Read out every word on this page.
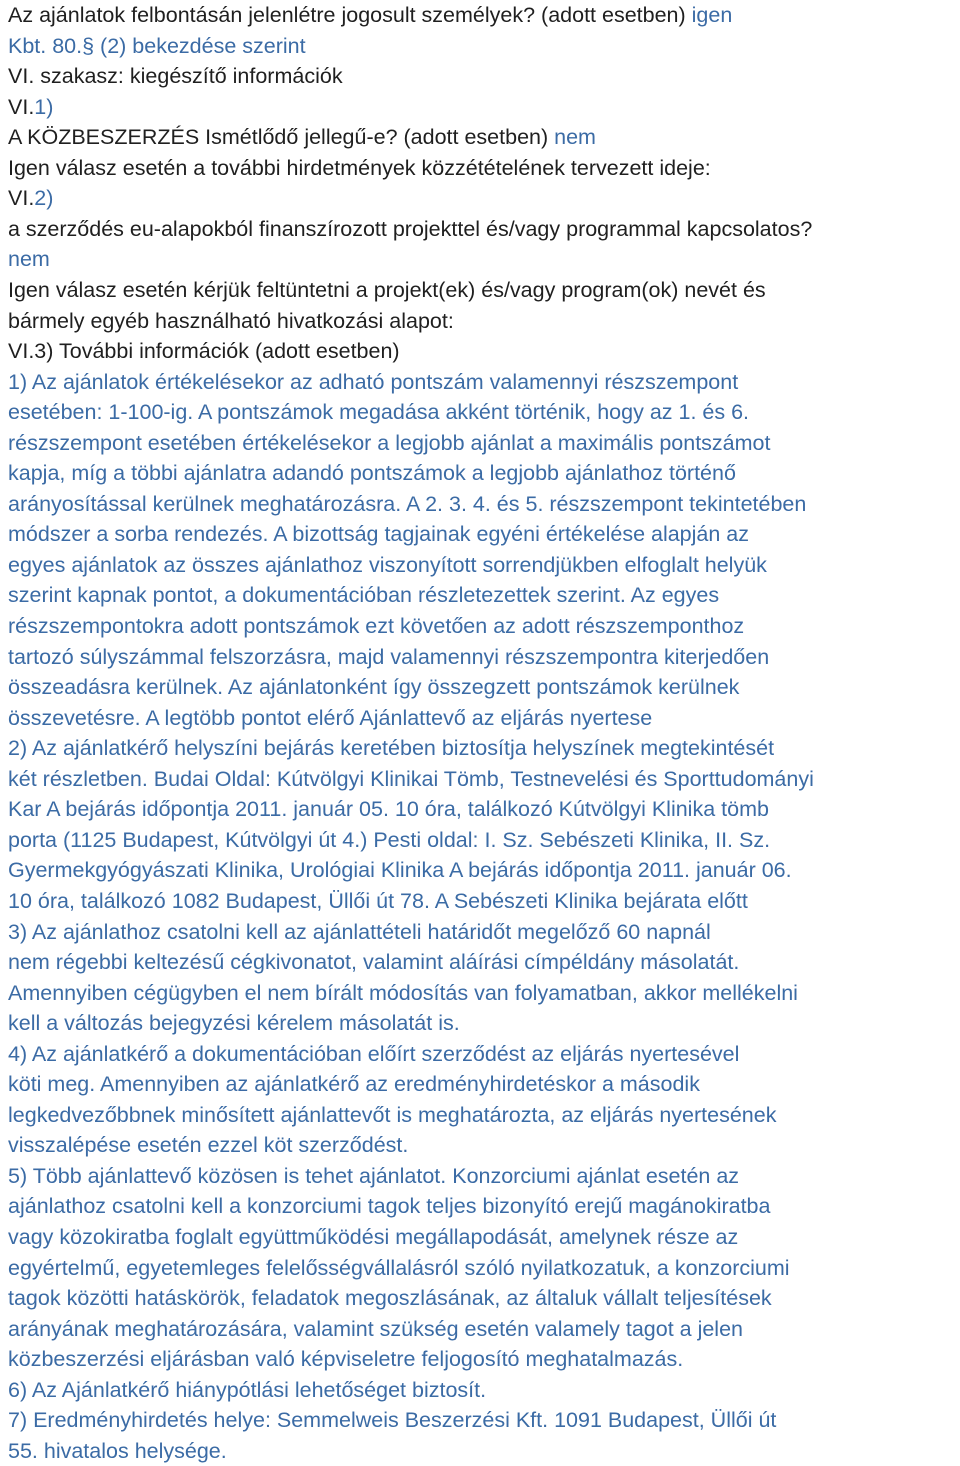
Az ajánlatok felbontásán jelenlétre jogosult személyek? (adott esetben) igen
Kbt. 80.§ (2) bekezdése szerint
VI. szakasz: kiegészítő információk
VI.1)
A KÖZBESZERZÉS Ismétlődő jellegű-e? (adott esetben) nem
Igen válasz esetén a további hirdetmények közzétételének tervezett ideje:
VI.2)
a szerződés eu-alapokból finanszírozott projekttel és/vagy programmal kapcsolatos?
nem
Igen válasz esetén kérjük feltüntetni a projekt(ek) és/vagy program(ok) nevét és
bármely egyéb használható hivatkozási alapot:
VI.3) További információk (adott esetben)
1) Az ajánlatok értékelésekor az adható pontszám valamennyi részszempont
esetében: 1-100-ig. A pontszámok megadása akként történik, hogy az 1. és 6.
részszempont esetében értékelésekor a legjobb ajánlat a maximális pontszámot
kapja, míg a többi ajánlatra adandó pontszámok a legjobb ajánlathoz történő
arányosítással kerülnek meghatározásra. A 2. 3. 4. és 5. részszempont tekintetében
módszer a sorba rendezés. A bizottság tagjainak egyéni értékelése alapján az
egyes ajánlatok az összes ajánlathoz viszonyított sorrendjükben elfoglalt helyük
szerint kapnak pontot, a dokumentációban részletezettek szerint. Az egyes
részszempontokra adott pontszámok ezt követően az adott részszemponthoz
tartozó súlyszámmal felszorzásra, majd valamennyi részszempontra kiterjedően
összeadásra kerülnek. Az ajánlatonként így összegzett pontszámok kerülnek
összevetésre. A legtöbb pontot elérő Ajánlattevő az eljárás nyertese
2) Az ajánlatkérő helyszíni bejárás keretében biztosítja helyszínek megtekintését
két részletben. Budai Oldal: Kútvölgyi Klinikai Tömb, Testnevelési és Sporttudományi
Kar A bejárás időpontja 2011. január 05. 10 óra, találkozó Kútvölgyi Klinika tömb
porta (1125 Budapest, Kútvölgyi út 4.) Pesti oldal: I. Sz. Sebészeti Klinika, II. Sz.
Gyermekgyógyászati Klinika, Urológiai Klinika A bejárás időpontja 2011. január 06.
10 óra, találkozó 1082 Budapest, Üllői út 78. A Sebészeti Klinika bejárata előtt
3) Az ajánlathoz csatolni kell az ajánlattételi határidőt megelőző 60 napnál
nem régebbi keltezésű cégkivonatot, valamint aláírási címpéldány másolatát.
Amennyiben cégügyben el nem bírált módosítás van folyamatban, akkor mellékelni
kell a változás bejegyzési kérelem másolatát is.
4) Az ajánlatkérő a dokumentációban előírt szerződést az eljárás nyertesével
köti meg. Amennyiben az ajánlatkérő az eredményhirdetéskor a második
legkedvezőbbnek minősített ajánlattevőt is meghatározta, az eljárás nyertesének
visszalépése esetén ezzel köt szerződést.
5) Több ajánlattevő közösen is tehet ajánlatot. Konzorciumi ajánlat esetén az
ajánlathoz csatolni kell a konzorciumi tagok teljes bizonyító erejű magánokiratba
vagy közokiratba foglalt együttműködési megállapodását, amelynek része az
egyértelmű, egyetemleges felelősségvállalásról szóló nyilatkozatuk, a konzorciumi
tagok közötti hatáskörök, feladatok megoszlásának, az általuk vállalt teljesítések
arányának meghatározására, valamint szükség esetén valamely tagot a jelen
közbeszerzési eljárásban való képviseletre feljogosító meghatalmazás.
6) Az Ajánlatkérő hiánypótlási lehetőséget biztosít.
7) Eredményhirdetés helye: Semmelweis Beszerzési Kft. 1091 Budapest, Üllői út
55. hivatalos helysége.
